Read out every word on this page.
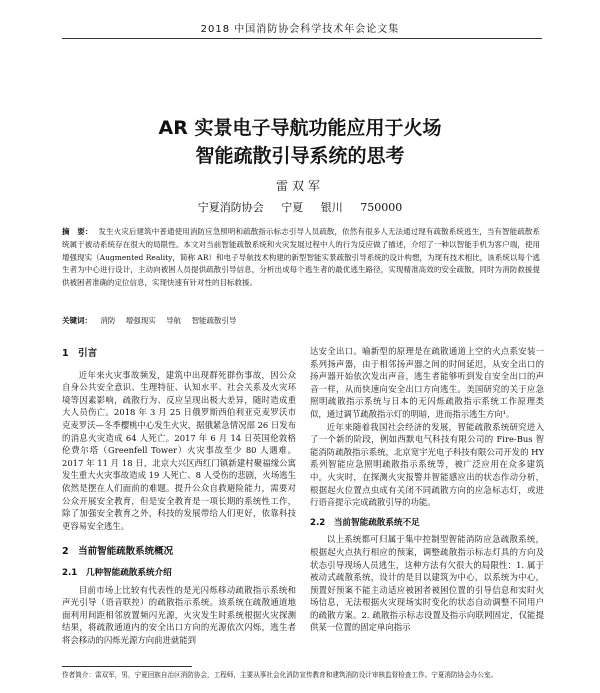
2018 中国消防协会科学技术年会论文集
AR 实景电子导航功能应用于火场
智能疏散引导系统的思考
雷双军
宁夏消防协会 宁夏 银川 750000
摘　要： 发生火灾后建筑中普通使用消防应急照明和疏散指示标志引导人员疏散，依然有很多人无法通过现有疏散系统逃生，当有智能疏散系统属于被动系统存在很大的局限性。本文对当前智能疏散系统和火灾发展过程中人的行为反应做了描述，介绍了一种以智能手机为客户端，使用增强现实（Augmented Reality，简称 AR）和电子导航技术构建的新型智能实景疏散引导系统的设计构想，为现有技术相比，该系统以每个逃生者为中心进行设计，主动向被困人员提供疏散引导信息，分析出成每个逃生者的最优逃生路径，实现精准高效的安全疏散，同时为消防救援提供被困者准确的定位信息，实现快速有针对性的目标救援。
关键词： 消防 增强现实 导航 智能疏散引导
1　引言

近年来火灾事故频发，建筑中出现群死群伤事故，因公众自身公共安全意识、生理特征、认知水平、社会关系及火灾环境等因素影响，疏散行为、反应呈现出极大差异，随时造成重大人员伤亡。2018 年 3 月 25 日俄罗斯西伯利亚克麦罗沃市克麦罗沃—冬季樱桃中心发生火灾，据俄紧急情况部 26 日发布的消息火灾造成 64 人死亡。2017 年 6 月 14 日英国伦敦格伦费尔塔（Greenfell Tower）火灾事故至少 80 人遇难。2017 年 11 月 18 日，北京大兴区西红门镇新建村聚福缘公寓发生重大火灾事故造成 19 人死亡、8 人受伤的悲剧，火场逃生依然是摆在人们面前的难题。提升公众自救避险能力，需要对公众开展安全教育，但是安全教育是一项长期的系统性工作，除了加强安全教育之外，科技的发展带给人们更好，依靠科技更容易安全逃生。

2　当前智能疏散系统概况
2.1　几种智能疏散系统介绍

目前市场上比较有代表性的是光闪烁移动疏散指示系统和声光引导（语音联控）的疏散指示系统。该系统在疏散通道地面利用间距相邻放置频闪光源，火灾发生时系统根据火灾探测结果，将疏散通道内的安全出口方向的光源依次闪烁，逃生者将会移动的闪烁光源方向前进就能到

达安全出口。喻新型的原理是在疏散通道上空的火点系安装一系列扬声器，由于相邻扬声器之间的时间延迟，从安全出口的扬声器开始依次发出声音，逃生者能够听到发自安全出口的声音一样，从而快速向安全出口方向逃生。美国研究的关于应急照明疏散指示系统与日本的无闪烁疏散指示系统工作原理类似，通过调节疏散指示灯的明暗，进而指示逃生方向¹。

近年来随着我国社会经济的发展，智能疏散系统研究进入了一个新的阶段，例如西默电气科技有限公司的 Fire-Bus 智能消防疏散指示系统，北京宽宇光电子科技有限公司开发的 HY 系列智能应急照明疏散指示系统等，被广泛应用在众多建筑中。火灾时，在探测火灾报警并智能感应出的状态作动分析，根据起火位置点虫成有关闭不同疏散方向的应急标志灯，或进行语音提示完成疏散引导的功能。

2.2　当前智能疏散系统不足

以上系统都可归属于集中控制型智能消防应急疏散系统，根据起火点执行相应的预案，调整疏散指示标志灯具的方向及状态引导现场人员逃生，这种方法有欠很大的局限性：1. 属于被动式疏散系统，设计的是目以建筑为中心，以系统为中心，预置好预案不能主动适应被困者被困位置的引导信息和实时火场信息，无法根据火灾现场实时变化的状态自动调整不同用户的疏散方案。2. 疏散指示标志设置及指示向联网固定，仅能提供某一位置的固定单向指示

作者简介：雷双军，男，宁夏回族自治区消防协会，工程师，主要从事社会化消防宣传教育和建筑消防设计审核监督检查工作。宁夏消防协会办公室。
